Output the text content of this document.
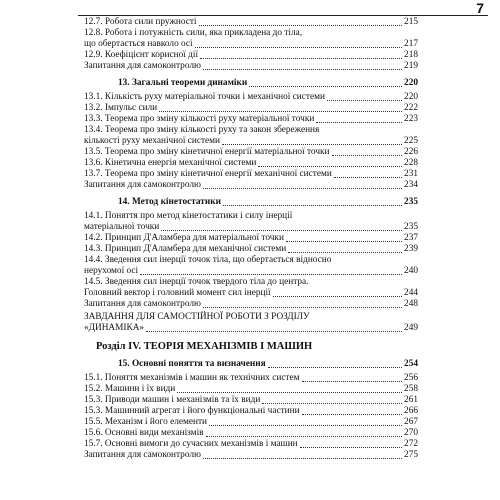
7
12.7. Робота сили пружності	215
12.8. Робота і потужність сили, яка прикладена до тіла,
що обертається навколо осі	217
12.9. Коефіцієнт корисної дії	218
Запитання для самоконтролю	219
13. Загальні теореми динаміки	220
13.1. Кількість руху матеріальної точки і механічної системи	220
13.2. Імпульс сили	222
13.3. Теорема про зміну кількості руху матеріальної точки	223
13.4. Теорема про зміну кількості руху та закон збереження
кількості руху механічної системи	225
13.5. Теорема про зміну кінетичної енергії матеріальної точки	226
13.6. Кінетична енергія механічної системи	228
13.7. Теорема про зміну кінетичної енергії механічної системи	231
Запитання для самоконтролю	234
14. Метод кінетостатики	235
14.1. Поняття про метод кінетостатики і силу інерції
матеріальної точки	235
14.2. Принцип Д'Аламбера для матеріальної точки	237
14.3. Принцип Д'Аламбера для механічної системи	239
14.4. Зведення сил інерції точок тіла, що обертається відносно
нерухомої осі	240
14.5. Зведення сил інерції точок твердого тіла до центра.
Головний вектор і головний момент сил інерції	244
Запитання для самоконтролю	248
ЗАВДАННЯ ДЛЯ САМОСТІЙНОЇ РОБОТИ З РОЗДІЛУ
«ДИНАМІКА»	249
Розділ IV. ТЕОРІЯ МЕХАНІЗМІВ І МАШИН
15. Основні поняття та визначення	254
15.1. Поняття механізмів і машин як технічних систем	256
15.2. Машини і їх види	258
15.3. Приводи машин і механізмів та їх види	261
15.3. Машинний агрегат і його функціональні частини	266
15.5. Механізм і його елементи	267
15.6. Основні види механізмів	270
15.7. Основні вимоги до сучасних механізмів і машин	272
Запитання для самоконтролю	275
